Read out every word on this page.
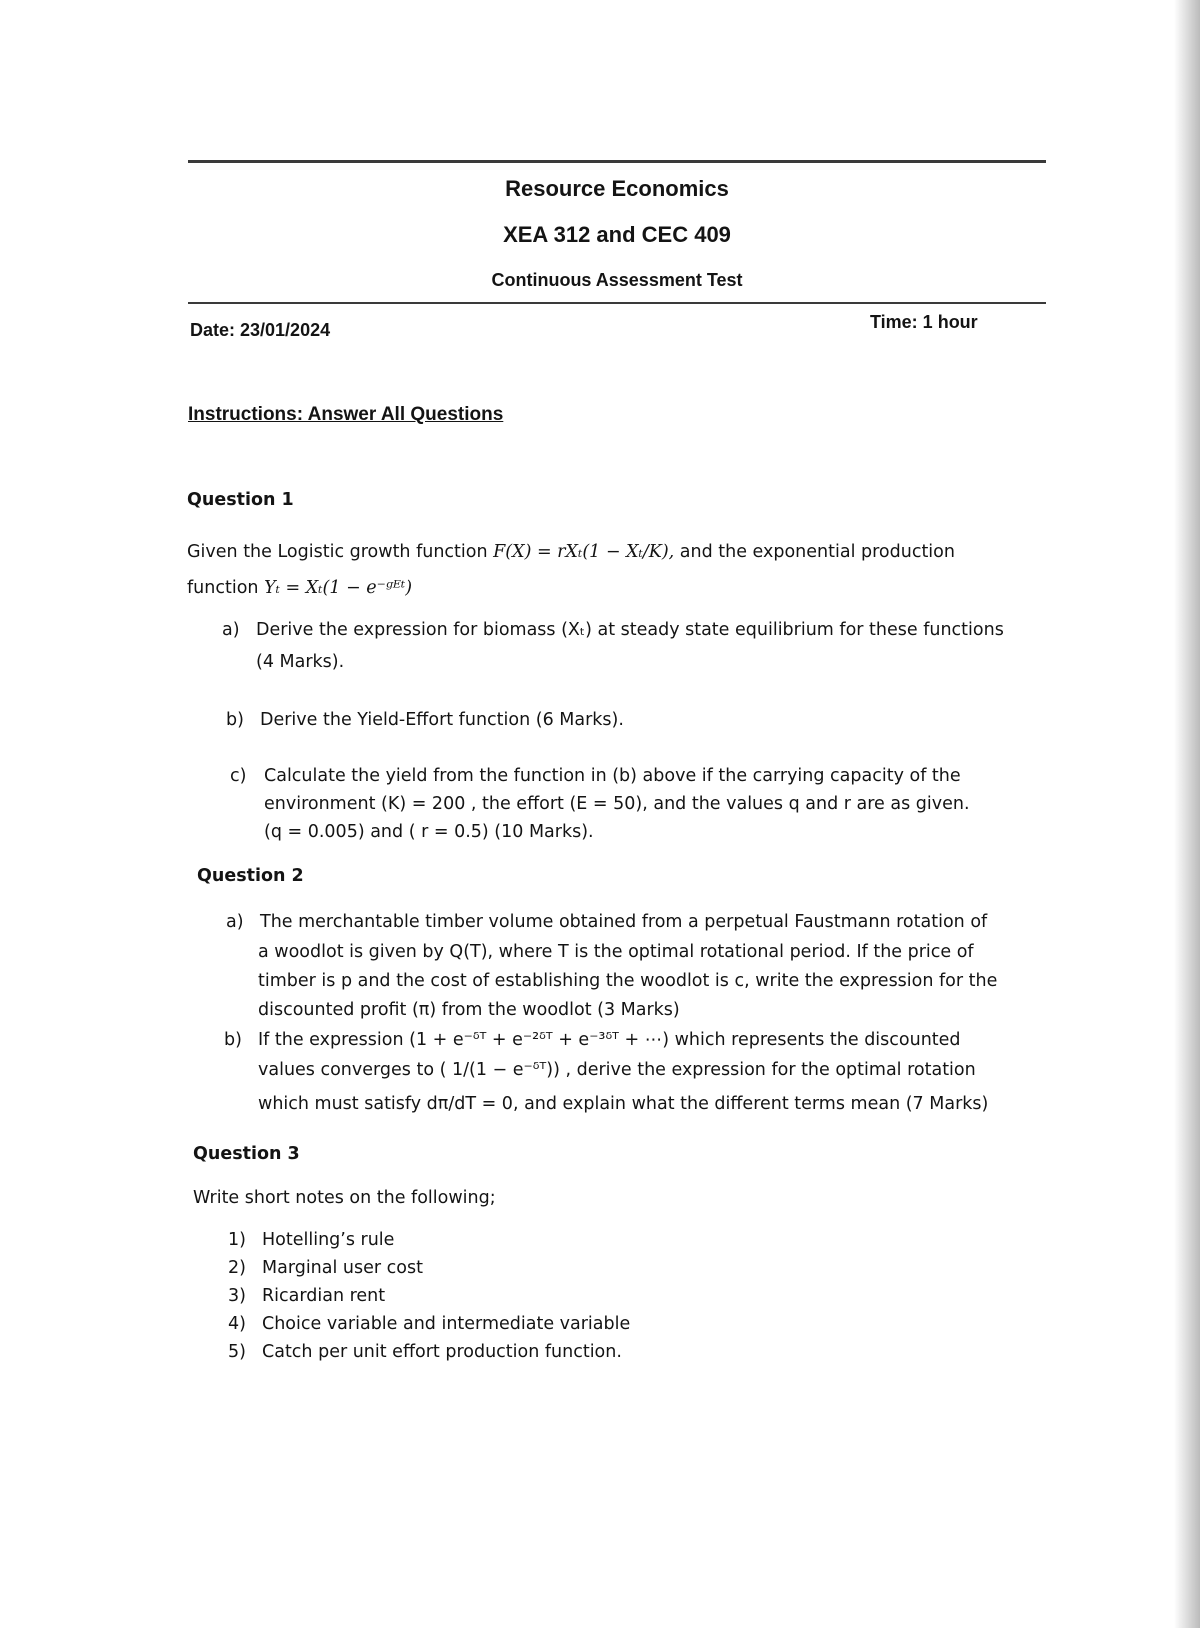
Resource Economics
XEA 312 and CEC 409
Continuous Assessment Test
Date: 23/01/2024	Time: 1 hour
Instructions: Answer All Questions
Question 1
Given the Logistic growth function F(X) = rXₜ(1 − Xₜ/K), and the exponential production
function Yₜ = Xₜ(1 − e⁻ᵍᴱᵗ)
a) Derive the expression for biomass (Xₜ) at steady state equilibrium for these functions
(4 Marks).
b) Derive the Yield-Effort function (6 Marks).
c) Calculate the yield from the function in (b) above if the carrying capacity of the
environment (K) = 200 , the effort (E = 50), and the values q and r are as given.
(q = 0.005) and ( r = 0.5) (10 Marks).
Question 2
a) The merchantable timber volume obtained from a perpetual Faustmann rotation of
a woodlot is given by Q(T), where T is the optimal rotational period. If the price of
timber is p and the cost of establishing the woodlot is c, write the expression for the
discounted profit (π) from the woodlot (3 Marks)
b) If the expression (1 + e⁻ᵟᵀ + e⁻²ᵟᵀ + e⁻³ᵟᵀ + ⋯) which represents the discounted
values converges to ( 1/(1 − e⁻ᵟᵀ)) , derive the expression for the optimal rotation
which must satisfy dπ/dT = 0, and explain what the different terms mean (7 Marks)
Question 3
Write short notes on the following;
1) Hotelling’s rule
2) Marginal user cost
3) Ricardian rent
4) Choice variable and intermediate variable
5) Catch per unit effort production function.
